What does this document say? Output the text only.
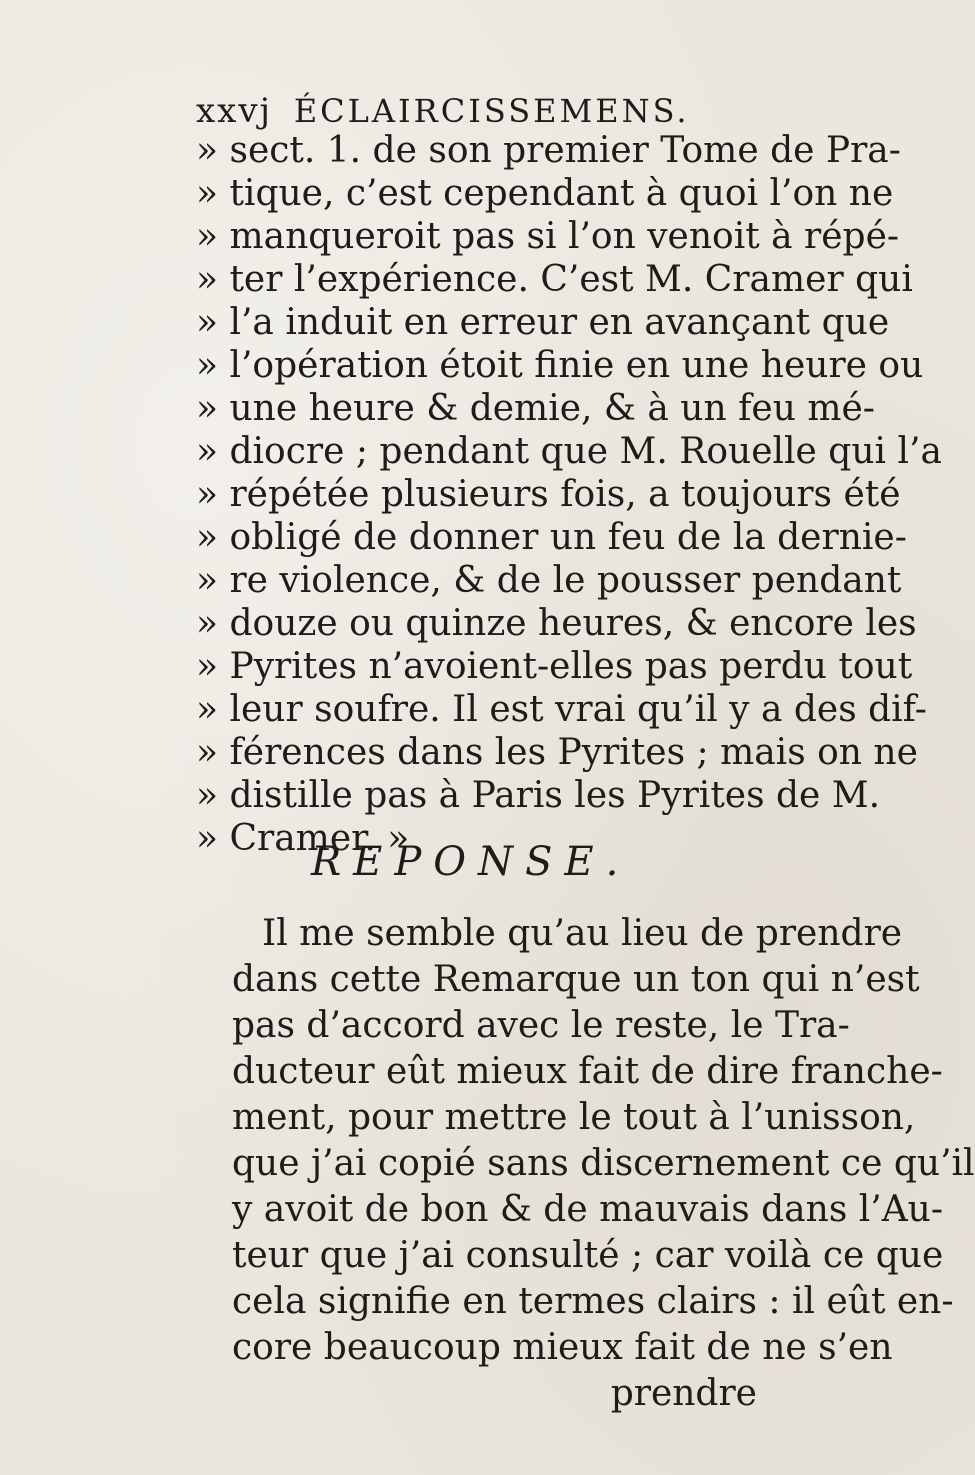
xxvj ÉCLAIRCISSEMENS.
» sect. 1. de son premier Tome de Pra-
» tique, c’est cependant à quoi l’on ne
» manqueroit pas si l’on venoit à répé-
» ter l’expérience. C’est M. Cramer qui
» l’a induit en erreur en avançant que
» l’opération étoit finie en une heure ou
» une heure & demie, & à un feu mé-
» diocre ; pendant que M. Rouelle qui l’a
» répétée plusieurs fois, a toujours été
» obligé de donner un feu de la dernie-
» re violence, & de le pousser pendant
» douze ou quinze heures, & encore les
» Pyrites n’avoient-elles pas perdu tout
» leur soufre. Il est vrai qu’il y a des dif-
» férences dans les Pyrites ; mais on ne
» distille pas à Paris les Pyrites de M.
» Cramer. »
REPONSE.
Il me semble qu’au lieu de prendre
dans cette Remarque un ton qui n’est
pas d’accord avec le reste, le Tra-
ducteur eût mieux fait de dire franche-
ment, pour mettre le tout à l’unisson,
que j’ai copié sans discernement ce qu’il
y avoit de bon & de mauvais dans l’Au-
teur que j’ai consulté ; car voilà ce que
cela signifie en termes clairs : il eût en-
core beaucoup mieux fait de ne s’en
prendre
